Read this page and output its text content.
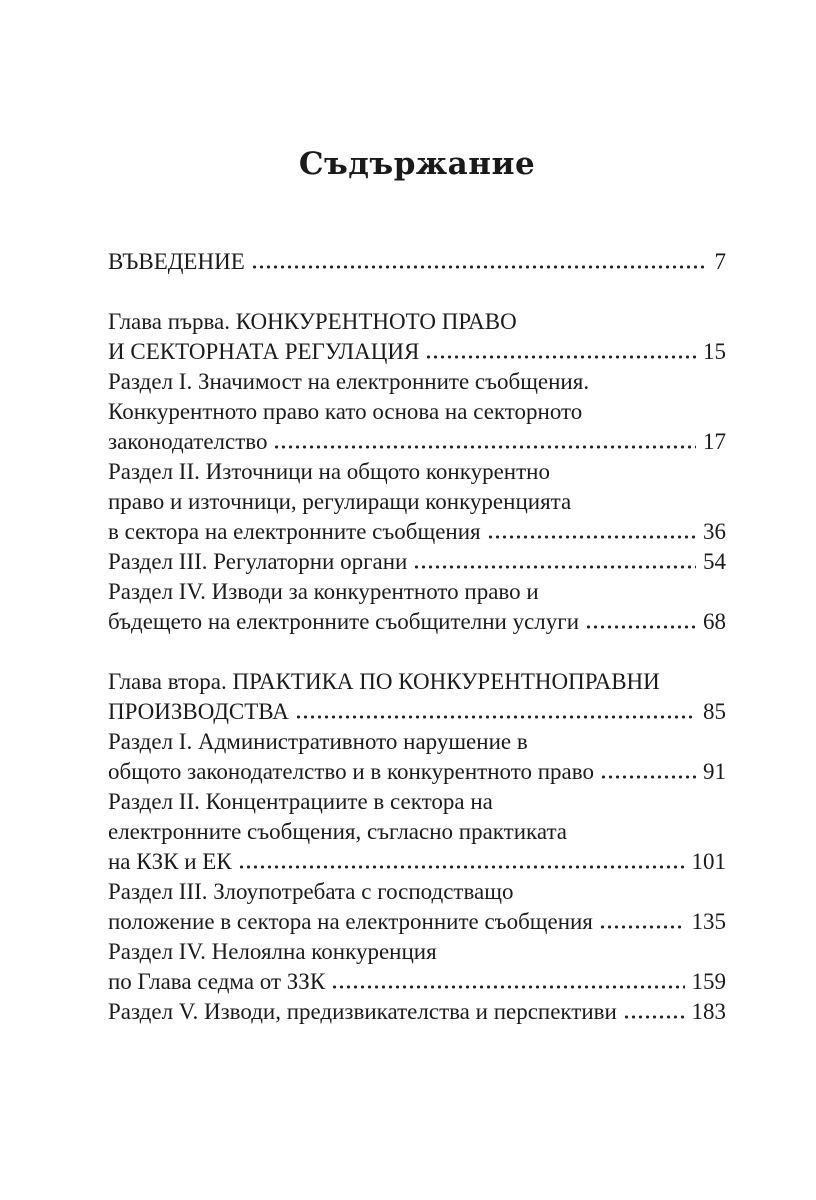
Съдържание
ВЪВЕДЕНИЕ	7
Глава първа. КОНКУРЕНТНОТО ПРАВО
И СЕКТОРНАТА РЕГУЛАЦИЯ	15
Раздел I. Значимост на електронните съобщения.
Конкурентното право като основа на секторното
законодателство	17
Раздел II. Източници на общото конкурентно
право и източници, регулиращи конкуренцията
в сектора на електронните съобщения	36
Раздел III. Регулаторни органи	54
Раздел IV. Изводи за конкурентното право и
бъдещето на електронните съобщителни услуги	68
Глава втора. ПРАКТИКА ПО КОНКУРЕНТНОПРАВНИ
ПРОИЗВОДСТВА	85
Раздел I. Административното нарушение в
общото законодателство и в конкурентното право	91
Раздел II. Концентрациите в сектора на
електронните съобщения, съгласно практиката
на КЗК и ЕК	101
Раздел III. Злоупотребата с господстващо
положение в сектора на електронните съобщения	135
Раздел IV. Нелоялна конкуренция
по Глава седма от ЗЗК	159
Раздел V. Изводи, предизвикателства и перспективи	183
